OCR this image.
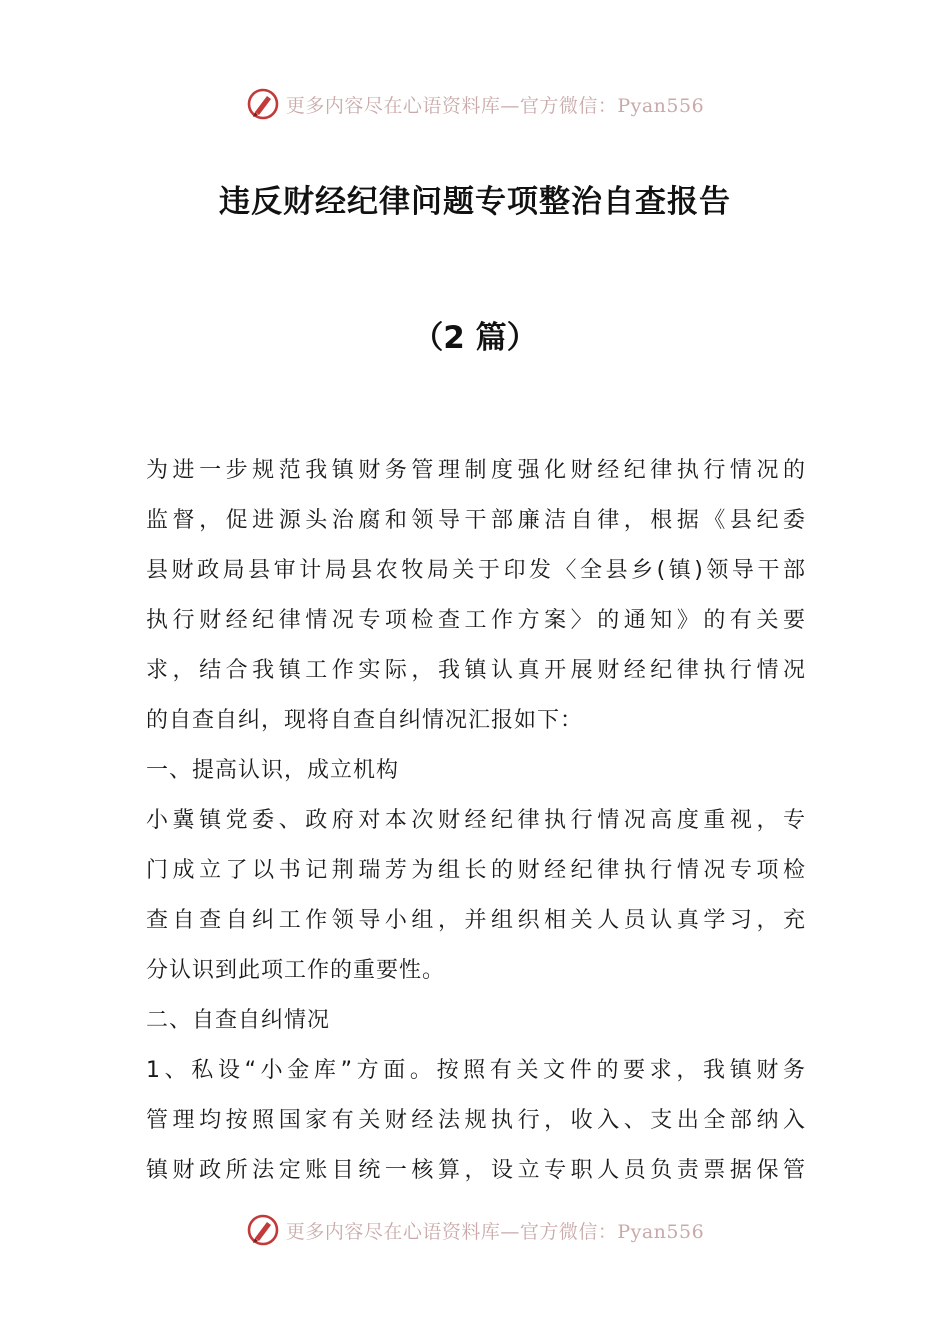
更多内容尽在心语资料库—官方微信：Pyan556
违反财经纪律问题专项整治自查报告
（2 篇）
为进一步规范我镇财务管理制度强化财经纪律执行情况的
监督，促进源头治腐和领导干部廉洁自律，根据《县纪委
县财政局县审计局县农牧局关于印发〈全县乡(镇)领导干部
执行财经纪律情况专项检查工作方案〉的通知》的有关要
求，结合我镇工作实际，我镇认真开展财经纪律执行情况
的自查自纠，现将自查自纠情况汇报如下：
一、提高认识，成立机构
小冀镇党委、政府对本次财经纪律执行情况高度重视，专
门成立了以书记荆瑞芳为组长的财经纪律执行情况专项检
查自查自纠工作领导小组，并组织相关人员认真学习，充
分认识到此项工作的重要性。
二、自查自纠情况
1、私设“小金库”方面。按照有关文件的要求，我镇财务
管理均按照国家有关财经法规执行，收入、支出全部纳入
镇财政所法定账目统一核算，设立专职人员负责票据保管
更多内容尽在心语资料库—官方微信：Pyan556
